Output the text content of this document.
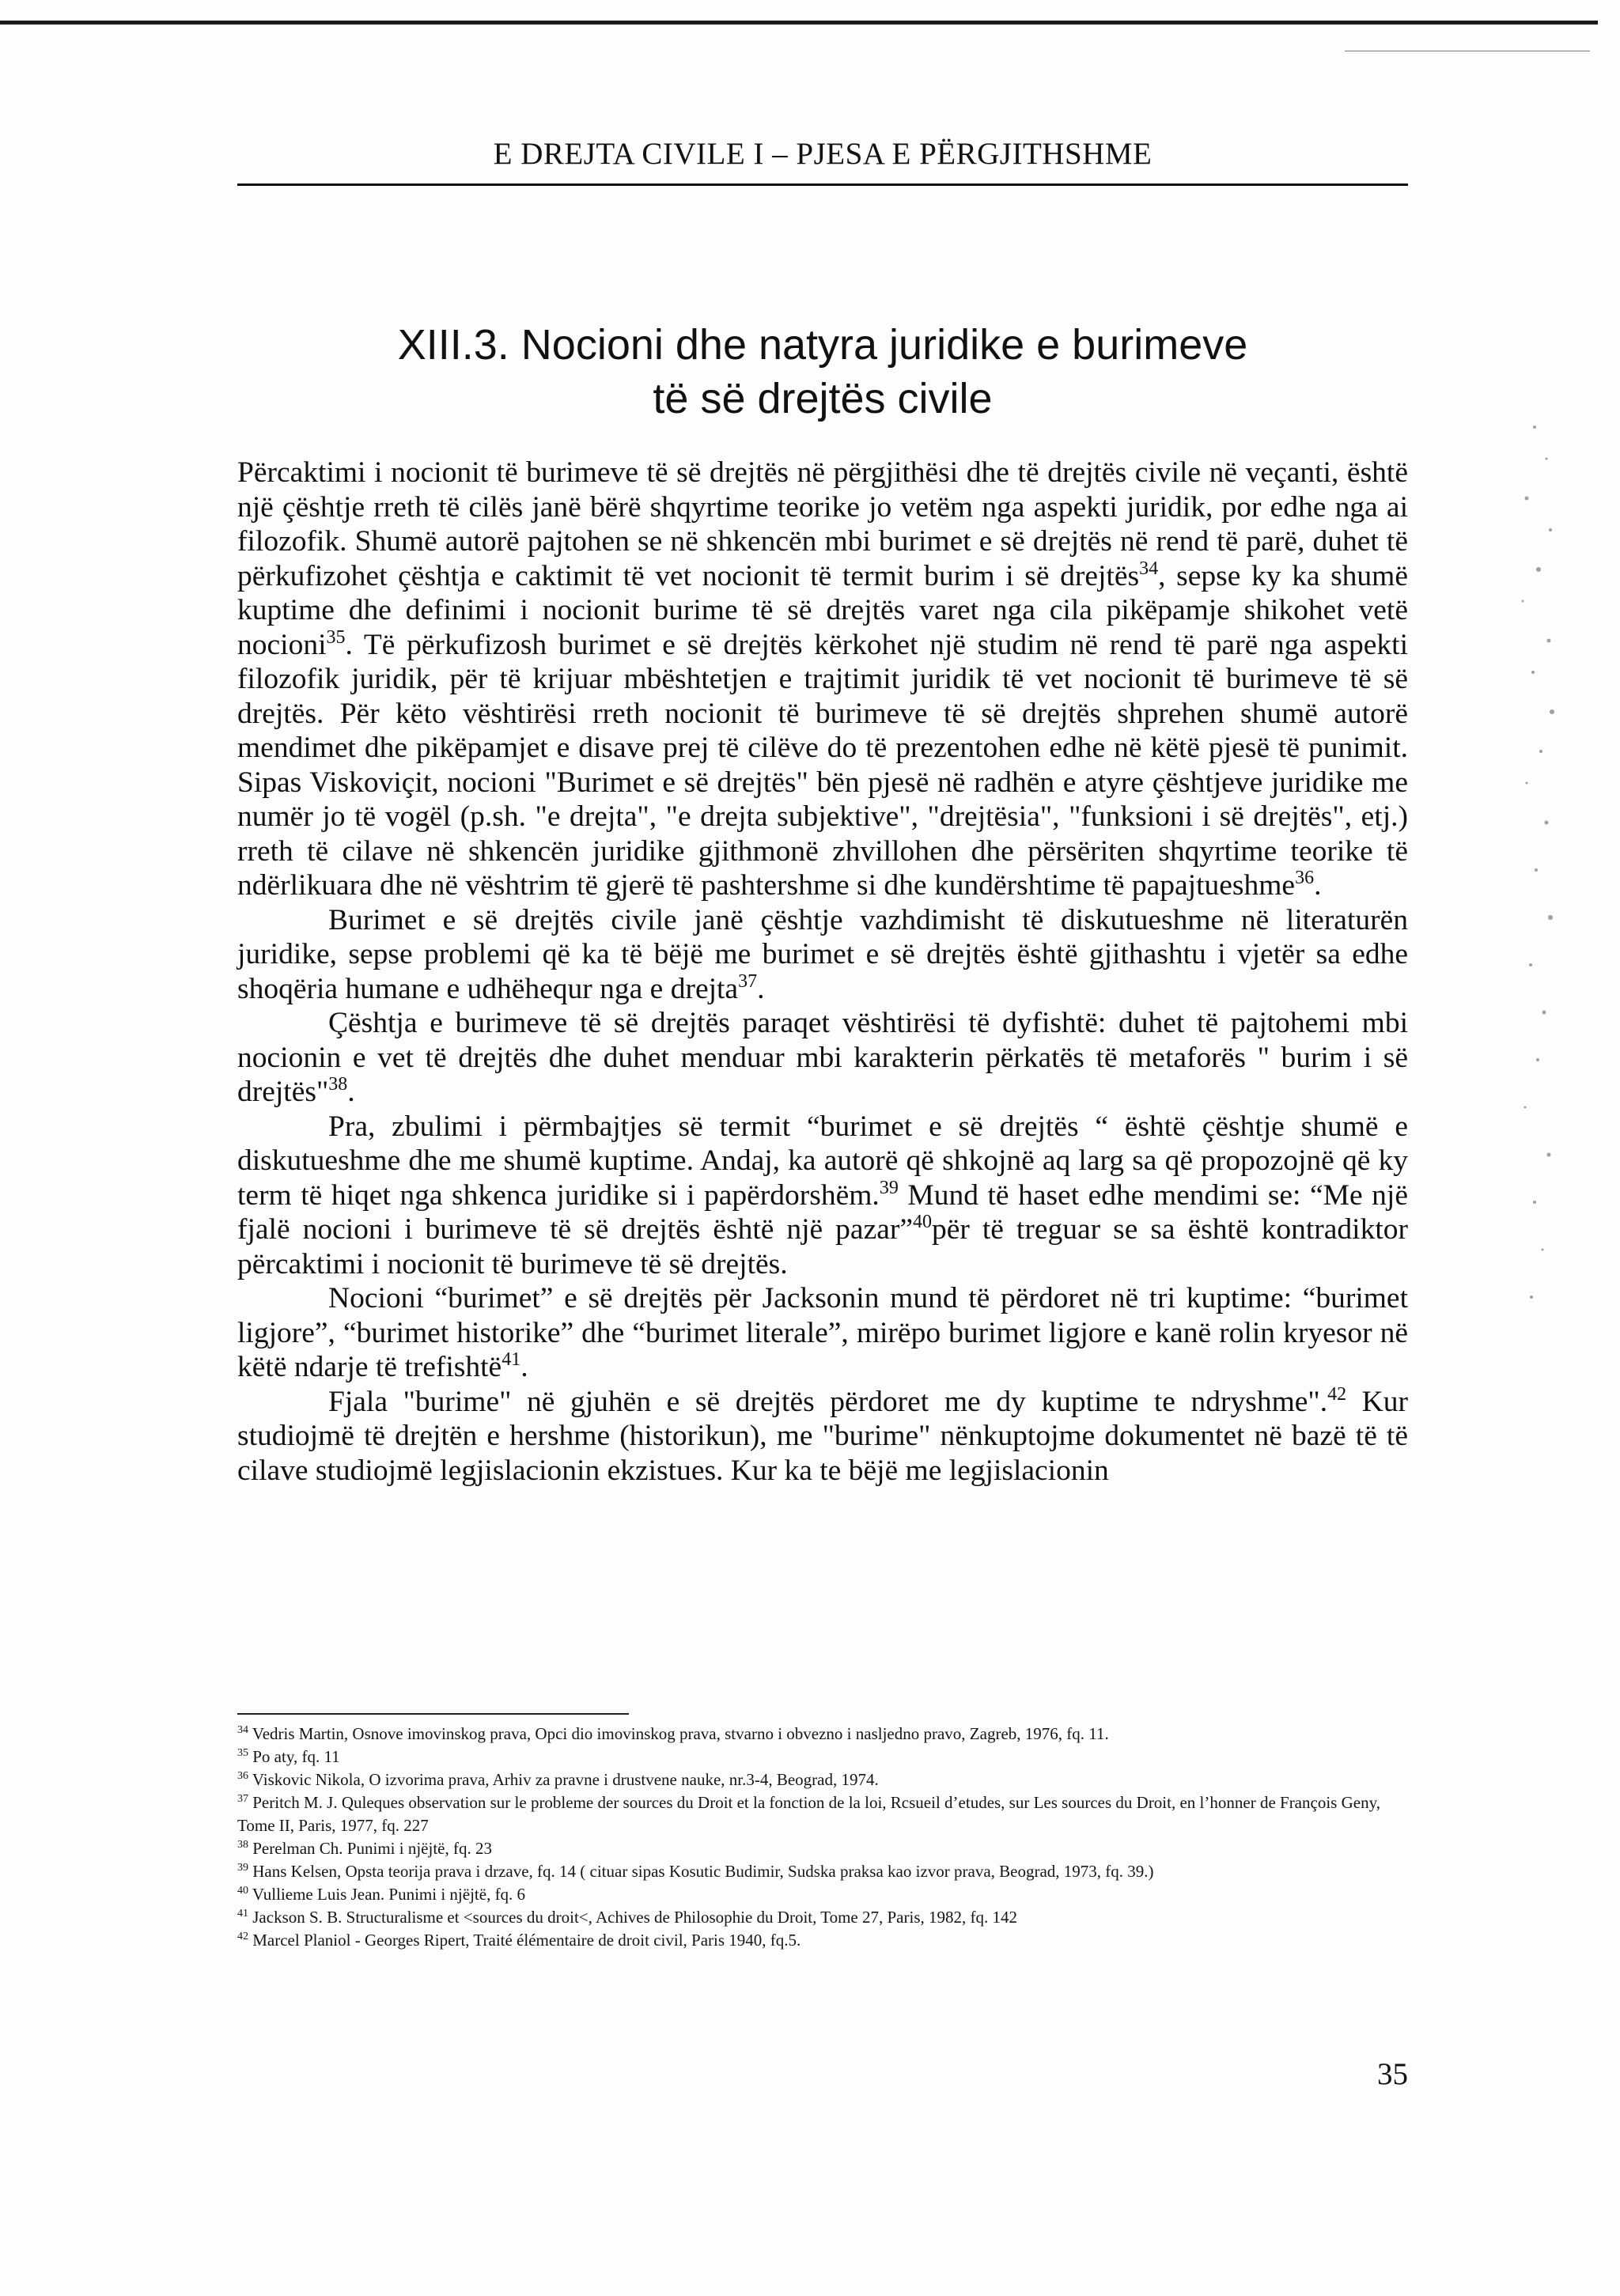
E DREJTA CIVILE I – PJESA E PËRGJITHSHME
XIII.3. Nocioni dhe natyra juridike e burimeve
të së drejtës civile

Përcaktimi i nocionit të burimeve të së drejtës në përgjithësi dhe të drejtës civile në veçanti, është një çështje rreth të cilës janë bërë shqyrtime teorike jo vetëm nga aspekti juridik, por edhe nga ai filozofik. Shumë autorë pajtohen se në shkencën mbi burimet e së drejtës në rend të parë, duhet të përkufizohet çështja e caktimit të vet nocionit të termit burim i së drejtës$^{34}$, sepse ky ka shumë kuptime dhe definimi i nocionit burime të së drejtës varet nga cila pikëpamje shikohet vetë nocioni$^{35}$. Të përkufizosh burimet e së drejtës kërkohet një studim në rend të parë nga aspekti filozofik juridik, për të krijuar mbështetjen e trajtimit juridik të vet nocionit të burimeve të së drejtës. Për këto vështirësi rreth nocionit të burimeve të së drejtës shprehen shumë autorë mendimet dhe pikëpamjet e disave prej të cilëve do të prezentohen edhe në këtë pjesë të punimit. Sipas Viskoviçit, nocioni "Burimet e së drejtës" bën pjesë në radhën e atyre çështjeve juridike me numër jo të vogël (p.sh. "e drejta", "e drejta subjektive", "drejtësia", "funksioni i së drejtës", etj.) rreth të cilave në shkencën juridike gjithmonë zhvillohen dhe përsëriten shqyrtime teorike të ndërlikuara dhe në vështrim të gjerë të pashtershme si dhe kundërshtime të papajtueshme$^{36}$.

Burimet e së drejtës civile janë çështje vazhdimisht të diskutueshme në literaturën juridike, sepse problemi që ka të bëjë me burimet e së drejtës është gjithashtu i vjetër sa edhe shoqëria humane e udhëhequr nga e drejta$^{37}$.

Çështja e burimeve të së drejtës paraqet vështirësi të dyfishtë: duhet të pajtohemi mbi nocionin e vet të drejtës dhe duhet menduar mbi karakterin përkatës të metaforës " burim i së drejtës"$^{38}$.

Pra, zbulimi i përmbajtjes së termit “burimet e së drejtës “ është çështje shumë e diskutueshme dhe me shumë kuptime. Andaj, ka autorë që shkojnë aq larg sa që propozojnë që ky term të hiqet nga shkenca juridike si i papërdorshëm.$^{39}$ Mund të haset edhe mendimi se: “Me një fjalë nocioni i burimeve të së drejtës është një pazar”$^{40}$për të treguar se sa është kontradiktor përcaktimi i nocionit të burimeve të së drejtës.

Nocioni “burimet” e së drejtës për Jacksonin mund të përdoret në tri kuptime: “burimet ligjore”, “burimet historike” dhe “burimet literale”, mirëpo burimet ligjore e kanë rolin kryesor në këtë ndarje të trefishtë$^{41}$.

Fjala "burime" në gjuhën e së drejtës përdoret me dy kuptime te ndryshme".$^{42}$ Kur studiojmë të drejtën e hershme (historikun), me "burime" nënkuptojme dokumentet në bazë të të cilave studiojmë legjislacionin ekzistues. Kur ka te bëjë me legjislacionin

$^{34}$ Vedris Martin, Osnove imovinskog prava, Opci dio imovinskog prava, stvarno i obvezno i nasljedno pravo, Zagreb, 1976, fq. 11.
$^{35}$ Po aty, fq. 11
$^{36}$ Viskovic Nikola, O izvorima prava, Arhiv za pravne i drustvene nauke, nr.3-4, Beograd, 1974.
$^{37}$ Peritch M. J. Quleques observation sur le probleme der sources du Droit et la fonction de la loi, Rcsueil d’etudes, sur Les sources du Droit, en l’honner de François Geny, Tome II, Paris, 1977, fq. 227
$^{38}$ Perelman Ch. Punimi i njëjtë, fq. 23
$^{39}$ Hans Kelsen, Opsta teorija prava i drzave, fq. 14 ( cituar sipas Kosutic Budimir, Sudska praksa kao izvor prava, Beograd, 1973, fq. 39.)
$^{40}$ Vulliemе Luis Jean. Punimi i njëjtë, fq. 6
$^{41}$ Jackson S. B. Structuralisme et <sources du droit<, Achives de Philosophie du Droit, Tome 27, Paris, 1982, fq. 142
$^{42}$ Marcel Planiol - Georges Ripert, Traité élémentaire de droit civil, Paris 1940, fq.5.
35
